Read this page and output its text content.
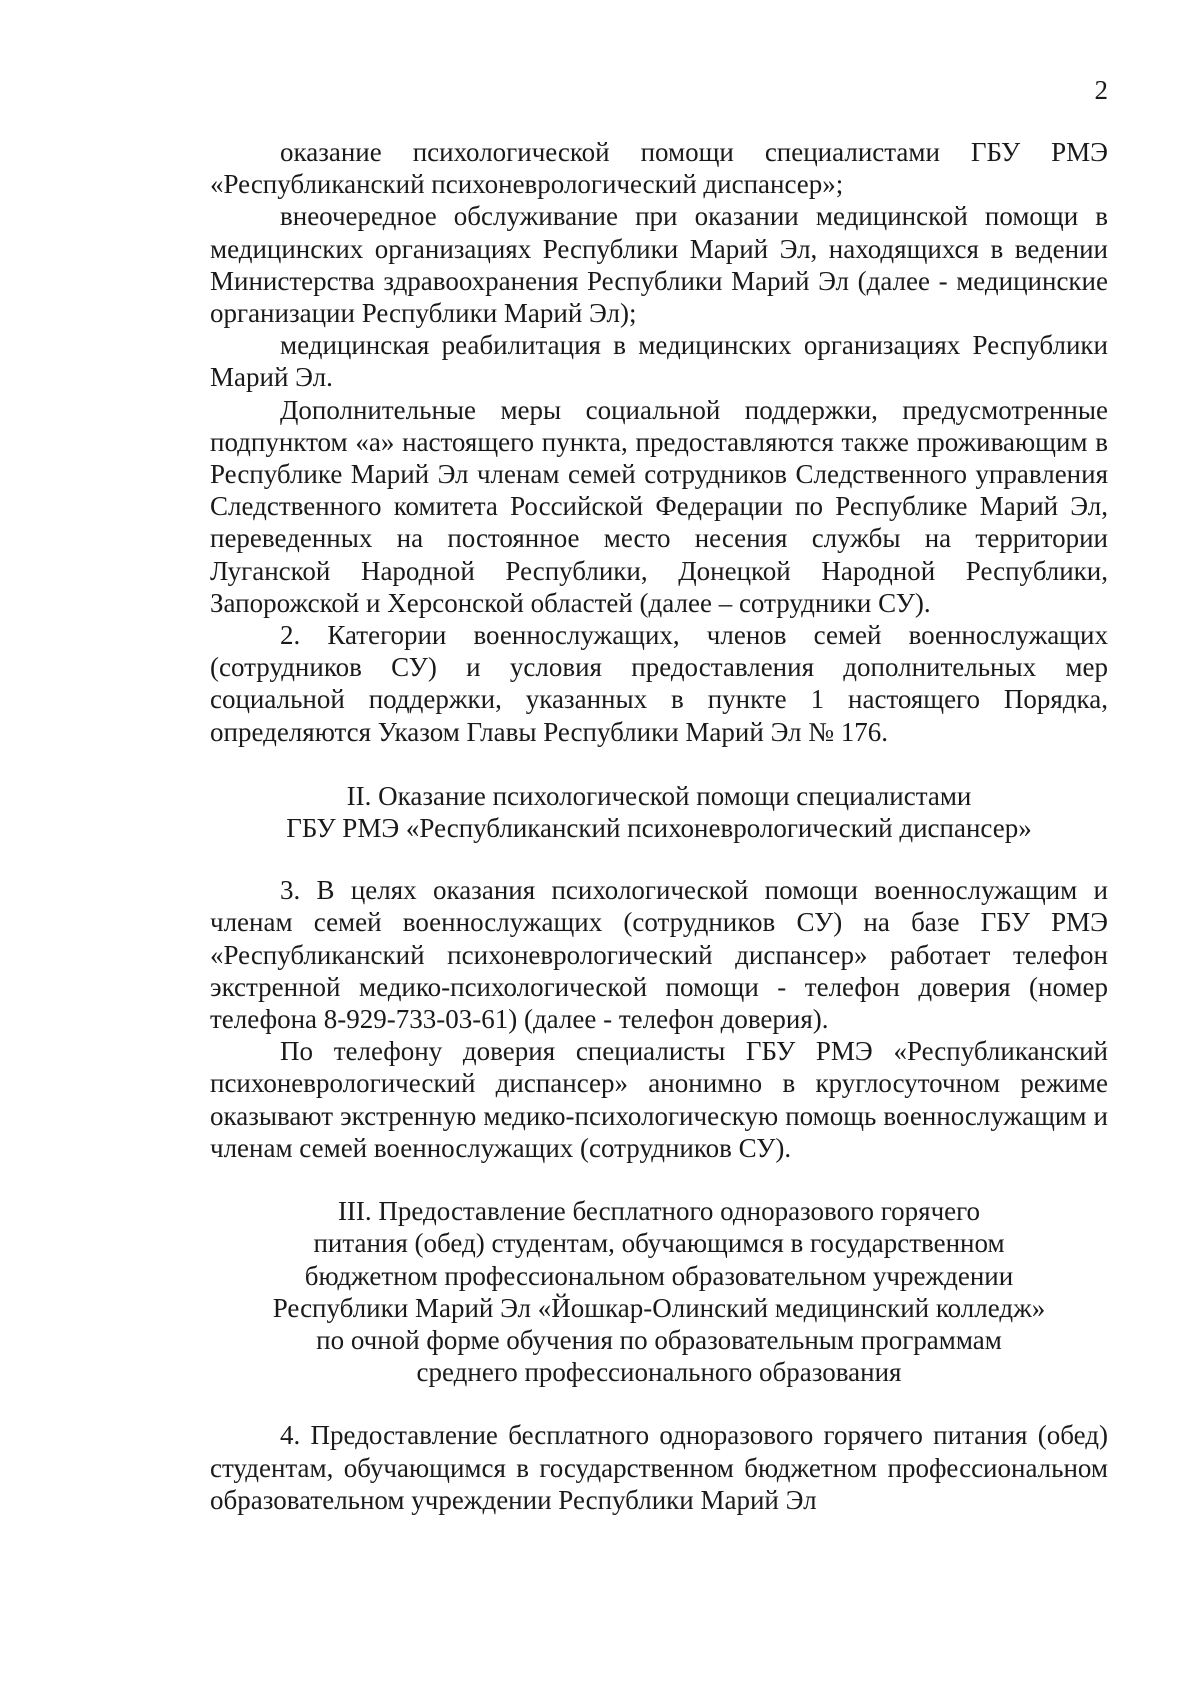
2

оказание психологической помощи специалистами ГБУ РМЭ «Республиканский психоневрологический диспансер»;

внеочередное обслуживание при оказании медицинской помощи в медицинских организациях Республики Марий Эл, находящихся в ведении Министерства здравоохранения Республики Марий Эл (далее - медицинские организации Республики Марий Эл);

медицинская реабилитация в медицинских организациях Республики Марий Эл.

Дополнительные меры социальной поддержки, предусмотренные подпунктом «а» настоящего пункта, предоставляются также проживающим в Республике Марий Эл членам семей сотрудников Следственного управления Следственного комитета Российской Федерации по Республике Марий Эл, переведенных на постоянное место несения службы на территории Луганской Народной Республики, Донецкой Народной Республики, Запорожской и Херсонской областей (далее – сотрудники СУ).

2. Категории военнослужащих, членов семей военнослужащих (сотрудников СУ) и условия предоставления дополнительных мер социальной поддержки, указанных в пункте 1 настоящего Порядка, определяются Указом Главы Республики Марий Эл № 176.

II. Оказание психологической помощи специалистами

ГБУ РМЭ «Республиканский психоневрологический диспансер»

3. В целях оказания психологической помощи военнослужащим и членам семей военнослужащих (сотрудников СУ) на базе ГБУ РМЭ «Республиканский психоневрологический диспансер» работает телефон экстренной медико-психологической помощи - телефон доверия (номер телефона 8-929-733-03-61) (далее - телефон доверия).

По телефону доверия специалисты ГБУ РМЭ «Республиканский психоневрологический диспансер» анонимно в круглосуточном режиме оказывают экстренную медико-психологическую помощь военнослужащим и членам семей военнослужащих (сотрудников СУ).

III. Предоставление бесплатного одноразового горячего

питания (обед) студентам, обучающимся в государственном

бюджетном профессиональном образовательном учреждении

Республики Марий Эл «Йошкар-Олинский медицинский колледж»

по очной форме обучения по образовательным программам

среднего профессионального образования

4. Предоставление бесплатного одноразового горячего питания (обед) студентам, обучающимся в государственном бюджетном профессиональном образовательном учреждении Республики Марий Эл
